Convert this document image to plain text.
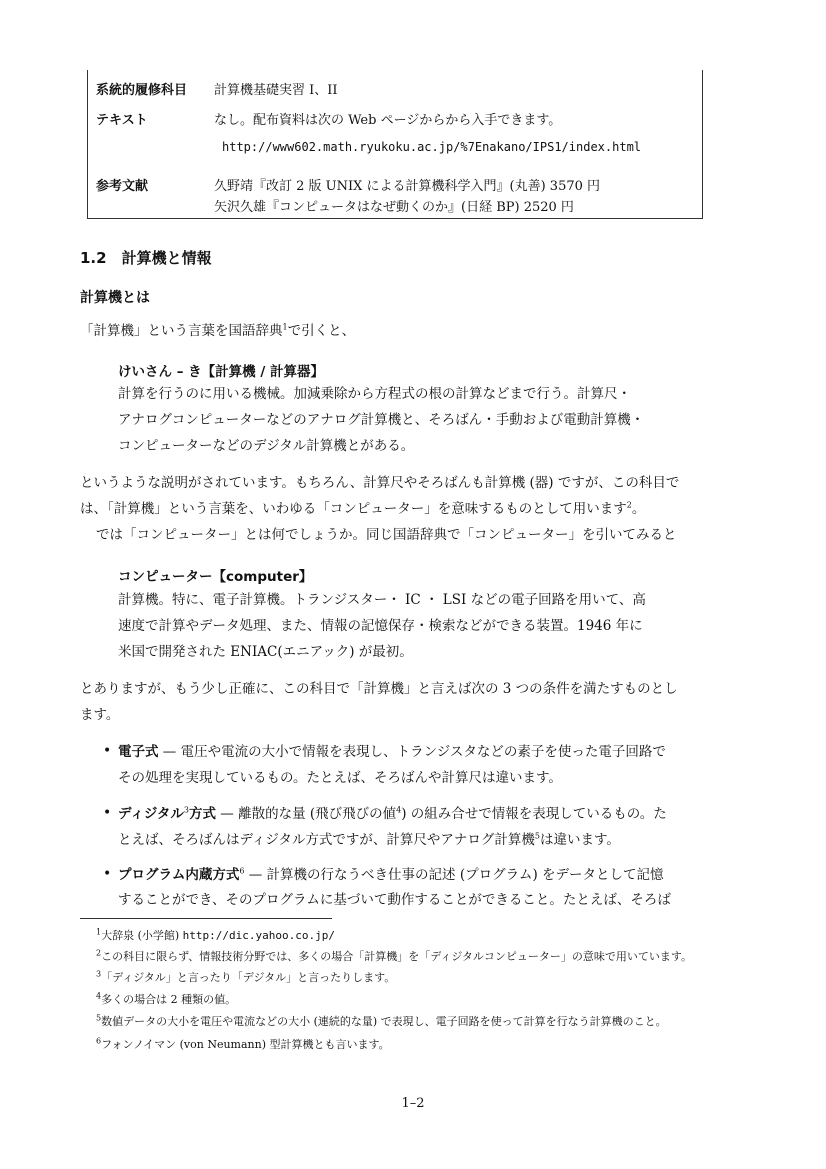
系統的履修科目 計算機基礎実習 I、II
テキスト	なし。配布資料は次の Web ページからから入手できます。
http://www602.math.ryukoku.ac.jp/%7Enakano/IPS1/index.html
参考文献	久野靖『改訂 2 版 UNIX による計算機科学入門』(丸善) 3570 円
矢沢久雄『コンピュータはなぜ動くのか』(日経 BP) 2520 円
1.2　計算機と情報
計算機とは
「計算機」という言葉を国語辞典$^1$で引くと、
けいさん – き【計算機 / 計算器】
計算を行うのに用いる機械。加減乗除から方程式の根の計算などまで行う。計算尺・
アナログコンピューターなどのアナログ計算機と、そろばん・手動および電動計算機・
コンピューターなどのデジタル計算機とがある。
というような説明がされています。もちろん、計算尺やそろばんも計算機 (器) ですが、この科目で
は、「計算機」という言葉を、いわゆる「コンピューター」を意味するものとして用います$^2$。
では「コンピューター」とは何でしょうか。同じ国語辞典で「コンピューター」を引いてみると
コンピューター【computer】
計算機。特に、電子計算機。トランジスター・ IC ・ LSI などの電子回路を用いて、高
速度で計算やデータ処理、また、情報の記憶保存・検索などができる装置。1946 年に
米国で開発された ENIAC(エニアック) が最初。
とありますが、もう少し正確に、この科目で「計算機」と言えば次の 3 つの条件を満たすものとし
ます。
• 電子式 — 電圧や電流の大小で情報を表現し、トランジスタなどの素子を使った電子回路で
その処理を実現しているもの。たとえば、そろばんや計算尺は違います。
• ディジタル$^3$方式 — 離散的な量 (飛び飛びの値$^4$) の組み合せで情報を表現しているもの。た
とえば、そろばんはディジタル方式ですが、計算尺やアナログ計算機$^5$は違います。
• プログラム内蔵方式$^6$ — 計算機の行なうべき仕事の記述 (プログラム) をデータとして記憶
することができ、そのプログラムに基づいて動作することができること。たとえば、そろば
$^1$大辞泉 (小学館) http://dic.yahoo.co.jp/
$^2$この科目に限らず、情報技術分野では、多くの場合「計算機」を「ディジタルコンピューター」の意味で用いています。
$^3$「ディジタル」と言ったり「デジタル」と言ったりします。
$^4$多くの場合は 2 種類の値。
$^5$数値データの大小を電圧や電流などの大小 (連続的な量) で表現し、電子回路を使って計算を行なう計算機のこと。
$^6$フォンノイマン (von Neumann) 型計算機とも言います。
1–2
